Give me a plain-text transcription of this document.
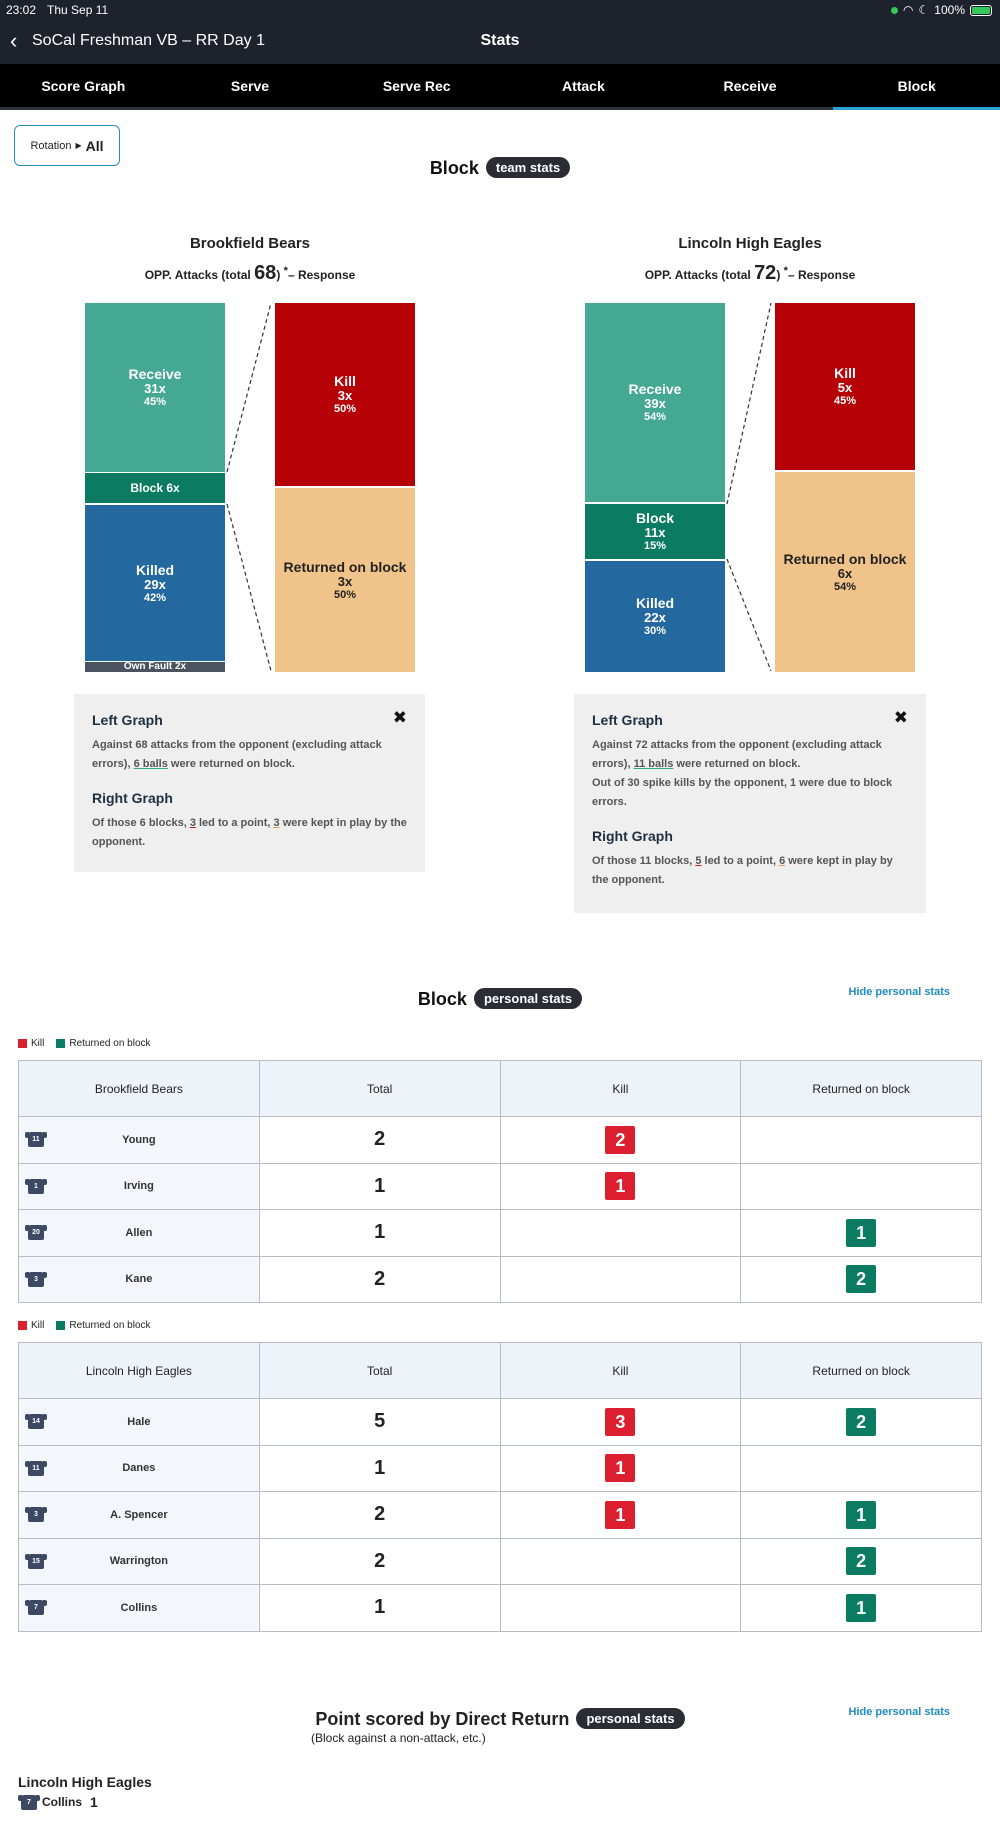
23:02 Thu Sep 11	◠ ☾ 100%
‹ SoCal Freshman VB – RR Day 1	Stats
Score Graph	Serve	Serve Rec	Attack	Receive	Block
Rotation ▶ All
Block team stats
Brookfield Bears
OPP. Attacks (total 68) *– Response
Receive
31x
45%
Block 6x
Killed
29x
42%
Own Fault 2x
Kill
3x
50%
Returned on block
3x
50%
✖
Left Graph

Against 68 attacks from the opponent (excluding attack errors), 6 balls were returned on block.

Right Graph

Of those 6 blocks, 3 led to a point, 3 were kept in play by the opponent.

Lincoln High Eagles
OPP. Attacks (total 72) *– Response
Receive
39x
54%
Block
11x
15%
Killed
22x
30%
Kill
5x
45%
Returned on block
6x
54%
✖
Left Graph

Against 72 attacks from the opponent (excluding attack errors), 11 balls were returned on block.

Out of 30 spike kills by the opponent, 1 were due to block errors.

Right Graph

Of those 11 blocks, 5 led to a point, 6 were kept in play by the opponent.

Block personal stats	Hide personal stats
Kill	Returned on block
Brookfield Bears	Total	Kill	Returned on block

11 Young	2	2	

1 Irving	1	1	

20 Allen	1		1

3 Kane	2		2
Kill	Returned on block
Lincoln High Eagles	Total	Kill	Returned on block

14 Hale	5	3	2

11 Danes	1	1	

3 A. Spencer	2	1	1

15 Warrington	2		2

7 Collins	1		1
Point scored by Direct Return personal stats
(Block against a non-attack, etc.)
Hide personal stats
Lincoln High Eagles
7 Collins 1
